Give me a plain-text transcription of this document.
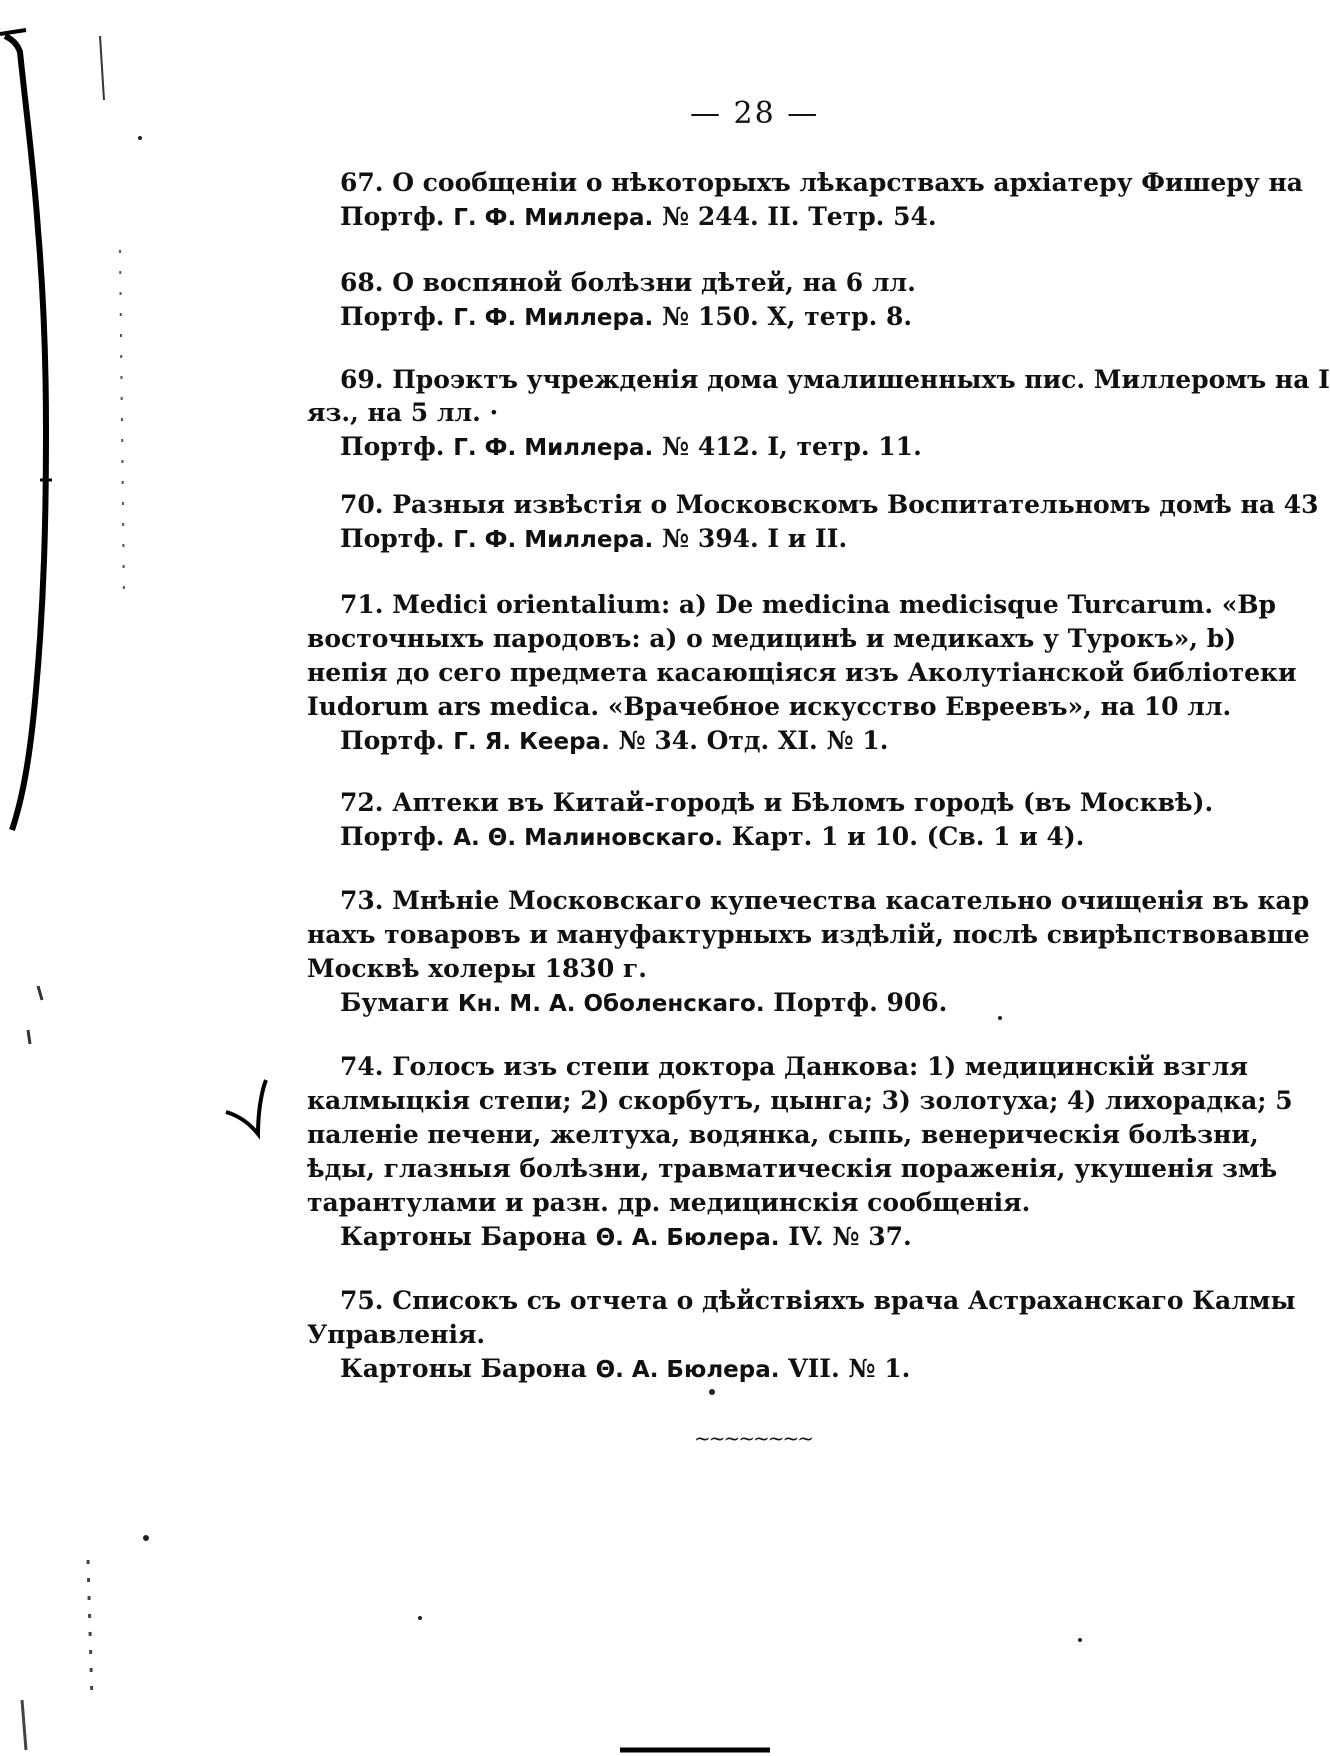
— 28 —
67. О сообщеніи о нѣкоторыхъ лѣкарствахъ архіатеру Фишеру на
Портф. Г. Ф. Миллера. № 244. II. Тетр. 54.
68. О воспяной болѣзни дѣтей, на 6 лл.
Портф. Г. Ф. Миллера. № 150. X, тетр. 8.
69. Проэктъ учрежденія дома умалишенныхъ пис. Миллеромъ на I
яз., на 5 лл. ·
Портф. Г. Ф. Миллера. № 412. I, тетр. 11.
70. Разныя извѣстія о Московскомъ Воспитательномъ домѣ на 43
Портф. Г. Ф. Миллера. № 394. I и II.
71. Medici orientalium: a) De medicina medicisque Turcarum. «Вр
восточныхъ пародовъ: а) о медицинѣ и медикахъ у Турокъ», b)
непія до сего предмета касающіяся изъ Аколутіанской библіотеки
Iudorum ars medica. «Врачебное искусство Евреевъ», на 10 лл.
Портф. Г. Я. Кеера. № 34. Отд. XI. № 1.
72. Аптеки въ Китай-городѣ и Бѣломъ городѣ (въ Москвѣ).
Портф. А. Θ. Малиновскаго. Карт. 1 и 10. (Св. 1 и 4).
73. Мнѣніе Московскаго купечества касательно очищенія въ кар
нахъ товаровъ и мануфактурныхъ издѣлій, послѣ свирѣпствовавше
Москвѣ холеры 1830 г.
Бумаги Кн. М. А. Оболенскаго. Портф. 906.
74. Голосъ изъ степи доктора Данкова: 1) медицинскій взгля
калмыцкія степи; 2) скорбутъ, цынга; 3) золотуха; 4) лихорадка; 5
паленіе печени, желтуха, водянка, сыпь, венерическія болѣзни,
ѣды, глазныя болѣзни, травматическія пораженія, укушенія змѣ
тарантулами и разн. др. медицинскія сообщенія.
Картоны Барона Θ. А. Бюлера. IV. № 37.
75. Списокъ съ отчета о дѣйствіяхъ врача Астраханскаго Калмы
Управленія.
Картоны Барона Θ. А. Бюлера. VII. № 1.
~~~~~~~~
